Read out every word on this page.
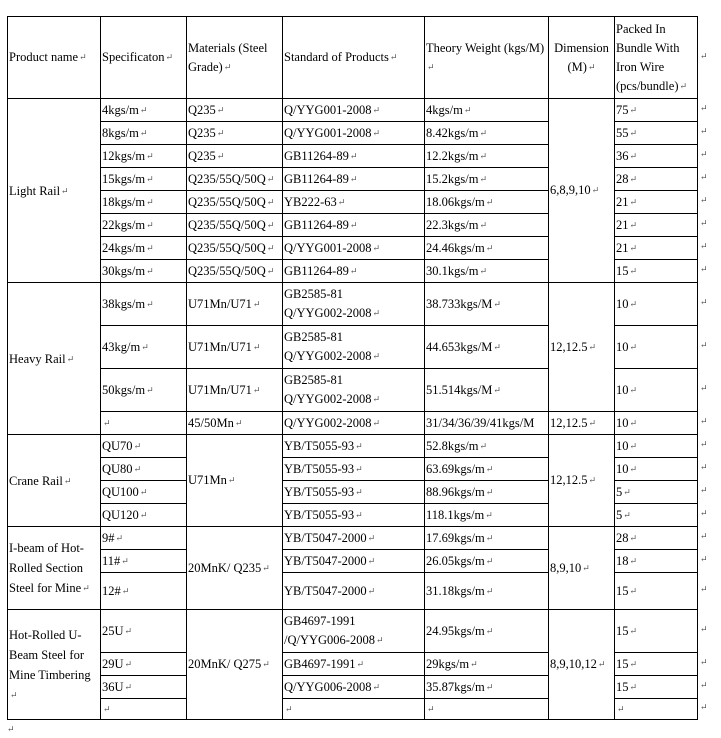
Product name↵	Specificaton↵	Materials (Steel Grade)↵	Standard of Products↵	Theory Weight (kgs/M)↵	Dimension (M)↵	Packed In Bundle With Iron Wire (pcs/bundle)↵
Light Rail↵	4kgs/m↵	Q235↵	Q/YYG001-2008↵	4kgs/m↵	6,8,9,10↵	75↵
	8kgs/m↵	Q235↵	Q/YYG001-2008↵	8.42kgs/m↵		55↵
	12kgs/m↵	Q235↵	GB11264-89↵	12.2kgs/m↵		36↵
	15kgs/m↵	Q235/55Q/50Q↵	GB11264-89↵	15.2kgs/m↵		28↵
	18kgs/m↵	Q235/55Q/50Q↵	YB222-63↵	18.06kgs/m↵		21↵
	22kgs/m↵	Q235/55Q/50Q↵	GB11264-89↵	22.3kgs/m↵		21↵
	24kgs/m↵	Q235/55Q/50Q↵	Q/YYG001-2008↵	24.46kgs/m↵		21↵
	30kgs/m↵	Q235/55Q/50Q↵	GB11264-89↵	30.1kgs/m↵		15↵
Heavy Rail↵	38kgs/m↵	U71Mn/U71↵	GB2585-81
Q/YYG002-2008↵	38.733kgs/M↵	12,12.5↵	10↵
	43kg/m↵	U71Mn/U71↵	GB2585-81
Q/YYG002-2008↵	44.653kgs/M↵		10↵
	50kgs/m↵	U71Mn/U71↵	GB2585-81
Q/YYG002-2008↵	51.514kgs/M↵		10↵
	↵	45/50Mn↵	Q/YYG002-2008↵	31/34/36/39/41kgs/M	12,12.5↵	10↵
Crane Rail↵	QU70↵	U71Mn↵	YB/T5055-93↵	52.8kgs/m↵	12,12.5↵	10↵
	QU80↵		YB/T5055-93↵	63.69kgs/m↵		10↵
	QU100↵		YB/T5055-93↵	88.96kgs/m↵		5↵
	QU120↵		YB/T5055-93↵	118.1kgs/m↵		5↵
I-beam of Hot-Rolled Section Steel for Mine↵	9#↵	20MnK/ Q235↵	YB/T5047-2000↵	17.69kgs/m↵	8,9,10↵	28↵
	11#↵		YB/T5047-2000↵	26.05kgs/m↵		18↵
	12#↵		YB/T5047-2000↵	31.18kgs/m↵		15↵
Hot-Rolled U-Beam Steel for Mine Timbering↵	25U↵	20MnK/ Q275↵	GB4697-1991
/Q/YYG006-2008↵	24.95kgs/m↵	8,9,10,12↵	15↵
	29U↵		GB4697-1991↵	29kgs/m↵		15↵
	36U↵		Q/YYG006-2008↵	35.87kgs/m↵		15↵
	↵		↵	↵		↵
↵
↵
↵
↵
↵
↵
↵
↵
↵
↵
↵
↵
↵
↵
↵
↵
↵
↵
↵
↵
↵
↵
↵
↵
↵
